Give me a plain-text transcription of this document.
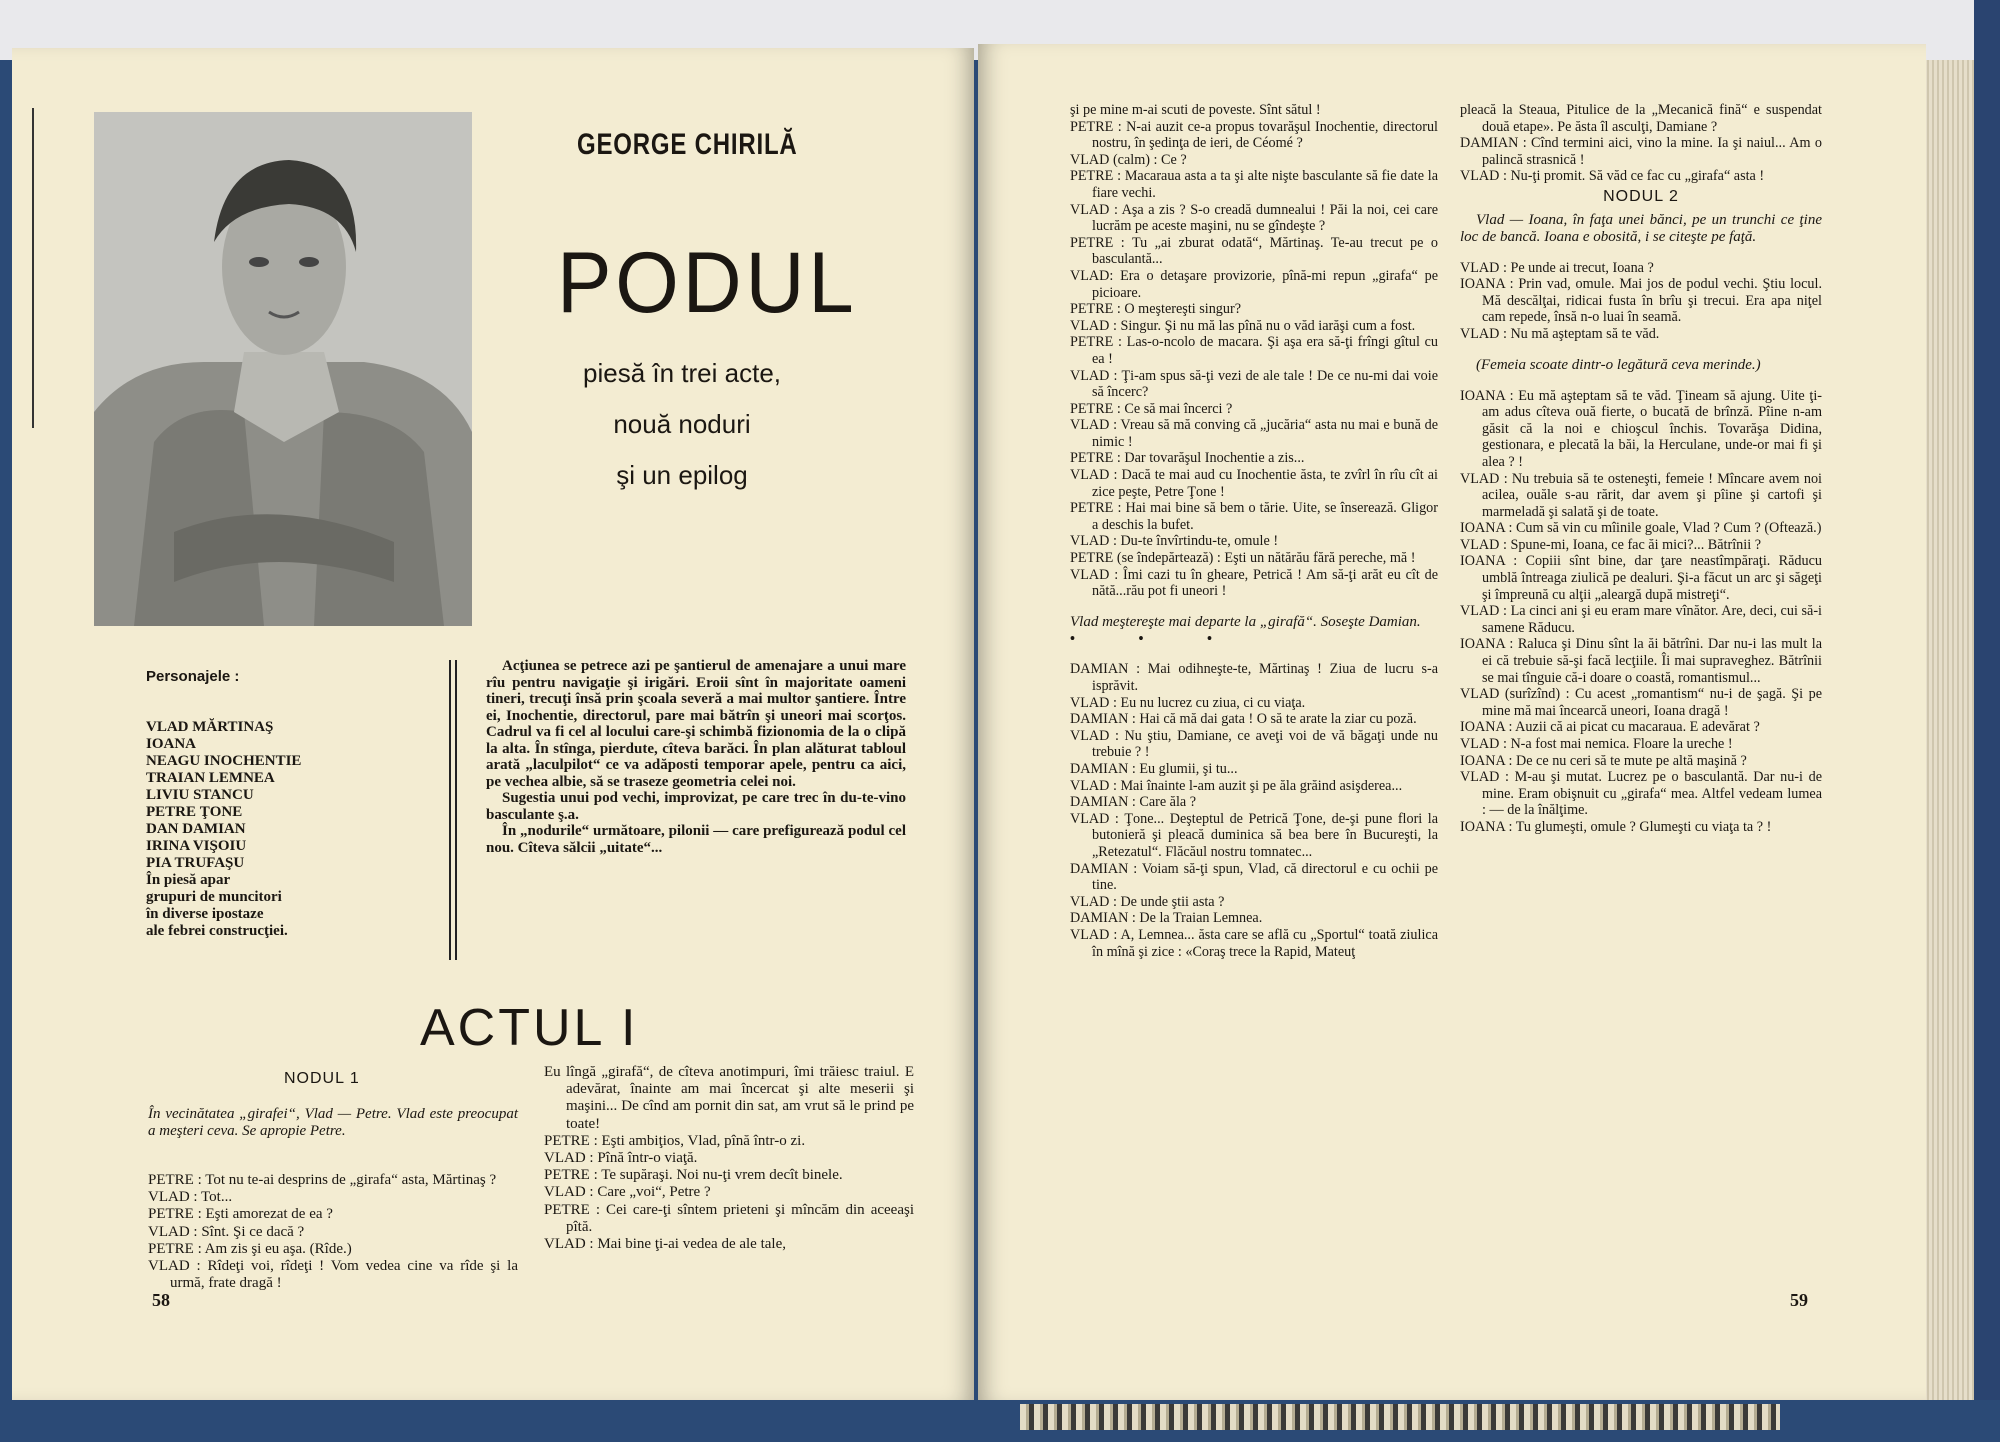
GEORGE CHIRILĂ
PODUL
piesă în trei acte,
nouă noduri
şi un epilog
Personajele :
VLAD MĂRTINAŞ
IOANA
NEAGU INOCHENTIE
TRAIAN LEMNEA
LIVIU STANCU
PETRE ŢONE
DAN DAMIAN
IRINA VIŞOIU
PIA TRUFAŞU
În piesă apar
grupuri de muncitori
în diverse ipostaze
ale febrei construcţiei.

Acţiunea se petrece azi pe şantierul de amenajare a unui mare rîu pentru navigaţie şi irigări. Eroii sînt în majoritate oameni tineri, trecuţi însă prin şcoala severă a mai multor şantiere. Între ei, Inochentie, directorul, pare mai bătrîn şi uneori mai scorţos. Cadrul va fi cel al locului care-şi schimbă fizionomia de la o clipă la alta. În stînga, pierdute, cîteva barăci. În plan alăturat tabloul arată „laculpilot“ ce va adăposti temporar apele, pentru ca aici, pe vechea albie, să se traseze geometria celei noi.

Sugestia unui pod vechi, improvizat, pe care trec în du-te-vino basculante ş.a.

În „nodurile“ următoare, pilonii — care prefigurează podul cel nou. Cîteva sălcii „uitate“...

ACTUL I
NODUL 1
În vecinătatea „girafei“, Vlad — Petre. Vlad este preocupat a meşteri ceva. Se apropie Petre.

PETRE : Tot nu te-ai desprins de „girafa“ asta, Mărtinaş ?

VLAD : Tot...

PETRE : Eşti amorezat de ea ?

VLAD : Sînt. Şi ce dacă ?

PETRE : Am zis şi eu aşa. (Rîde.)

VLAD : Rîdeţi voi, rîdeţi ! Vom vedea cine va rîde şi la urmă, frate dragă !

Eu lîngă „girafă“, de cîteva anotimpuri, îmi trăiesc traiul. E adevărat, înainte am mai încercat şi alte meserii şi maşini... De cînd am pornit din sat, am vrut să le prind pe toate!

PETRE : Eşti ambiţios, Vlad, pînă într-o zi.

VLAD : Pînă într-o viaţă.

PETRE : Te supăraşi. Noi nu-ţi vrem decît binele.

VLAD : Care „voi“, Petre ?

PETRE : Cei care-ţi sîntem prieteni şi mîncăm din aceeaşi pîtă.

VLAD : Mai bine ţi-ai vedea de ale tale,

58

şi pe mine m-ai scuti de poveste. Sînt sătul !

PETRE : N-ai auzit ce-a propus tovarăşul Inochentie, directorul nostru, în şedinţa de ieri, de Céomé ?

VLAD (calm) : Ce ?

PETRE : Macaraua asta a ta şi alte nişte basculante să fie date la fiare vechi.

VLAD : Aşa a zis ? S-o creadă dumnealui ! Păi la noi, cei care lucrăm pe aceste maşini, nu se gîndeşte ?

PETRE : Tu „ai zburat odată“, Mărtinaş. Te-au trecut pe o basculantă...

VLAD: Era o detaşare provizorie, pînă-mi repun „girafa“ pe picioare.

PETRE : O meştereşti singur?

VLAD : Singur. Şi nu mă las pînă nu o văd iarăşi cum a fost.

PETRE : Las-o-ncolo de macara. Şi aşa era să-ţi frîngi gîtul cu ea !

VLAD : Ţi-am spus să-ţi vezi de ale tale ! De ce nu-mi dai voie să încerc?

PETRE : Ce să mai încerci ?

VLAD : Vreau să mă conving că „jucăria“ asta nu mai e bună de nimic !

PETRE : Dar tovarăşul Inochentie a zis...

VLAD : Dacă te mai aud cu Inochentie ăsta, te zvîrl în rîu cît ai zice peşte, Petre Ţone !

PETRE : Hai mai bine să bem o tărie. Uite, se înserează. Gligor a deschis la bufet.

VLAD : Du-te învîrtindu-te, omule !

PETRE (se îndepărtează) : Eşti un nătărău fără pereche, mă !

VLAD : Îmi cazi tu în gheare, Petrică ! Am să-ţi arăt eu cît de nătă...rău pot fi uneori !

Vlad meştereşte mai departe la „girafă“. Soseşte Damian.

• • •

DAMIAN : Mai odihneşte-te, Mărtinaş ! Ziua de lucru s-a isprăvit.

VLAD : Eu nu lucrez cu ziua, ci cu viaţa.

DAMIAN : Hai că mă dai gata ! O să te arate la ziar cu poză.

VLAD : Nu ştiu, Damiane, ce aveţi voi de vă băgaţi unde nu trebuie ? !

DAMIAN : Eu glumii, şi tu...

VLAD : Mai înainte l-am auzit şi pe ăla grăind asişderea...

DAMIAN : Care ăla ?

VLAD : Ţone... Deşteptul de Petrică Ţone, de-şi pune flori la butonieră şi pleacă duminica să bea bere în Bucureşti, la „Retezatul“. Flăcăul nostru tomnatec...

DAMIAN : Voiam să-ţi spun, Vlad, că directorul e cu ochii pe tine.

VLAD : De unde ştii asta ?

DAMIAN : De la Traian Lemnea.

VLAD : A, Lemnea... ăsta care se află cu „Sportul“ toată ziulica în mînă şi zice : «Coraş trece la Rapid, Mateuţ

pleacă la Steaua, Pitulice de la „Mecanică fină“ e suspendat două etape». Pe ăsta îl asculţi, Damiane ?

DAMIAN : Cînd termini aici, vino la mine. Ia şi naiul... Am o palincă strasnică !

VLAD : Nu-ţi promit. Să văd ce fac cu „girafa“ asta !

NODUL 2

Vlad — Ioana, în faţa unei bănci, pe un trunchi ce ţine loc de bancă. Ioana e obosită, i se citeşte pe faţă.

VLAD : Pe unde ai trecut, Ioana ?

IOANA : Prin vad, omule. Mai jos de podul vechi. Ştiu locul. Mă descălţai, ridicai fusta în brîu şi trecui. Era apa niţel cam repede, însă n-o luai în seamă.

VLAD : Nu mă aşteptam să te văd.

(Femeia scoate dintr-o legătură ceva merinde.)

IOANA : Eu mă aşteptam să te văd. Ţineam să ajung. Uite ţi-am adus cîteva ouă fierte, o bucată de brînză. Pîine n-am găsit că la noi e chioşcul închis. Tovarăşa Didina, gestionara, e plecată la băi, la Herculane, unde-or mai fi şi alea ? !

VLAD : Nu trebuia să te osteneşti, femeie ! Mîncare avem noi acilea, ouăle s-au rărit, dar avem şi pîine şi cartofi şi marmeladă şi salată şi de toate.

IOANA : Cum să vin cu mîinile goale, Vlad ? Cum ? (Oftează.)

VLAD : Spune-mi, Ioana, ce fac ăi mici?... Bătrînii ?

IOANA : Copiii sînt bine, dar ţare neastîmpăraţi. Răducu umblă întreaga ziulică pe dealuri. Şi-a făcut un arc şi săgeţi şi împreună cu alţii „aleargă după mistreţi“.

VLAD : La cinci ani şi eu eram mare vînător. Are, deci, cui să-i samene Răducu.

IOANA : Raluca şi Dinu sînt la ăi bătrîni. Dar nu-i las mult la ei că trebuie să-şi facă lecţiile. Îi mai supraveghez. Bătrînii se mai tînguie că-i doare o coastă, romantismul...

VLAD (surîzînd) : Cu acest „romantism“ nu-i de şagă. Şi pe mine mă mai încearcă uneori, Ioana dragă !

IOANA : Auzii că ai picat cu macaraua. E adevărat ?

VLAD : N-a fost mai nemica. Floare la ureche !

IOANA : De ce nu ceri să te mute pe altă maşină ?

VLAD : M-au şi mutat. Lucrez pe o basculantă. Dar nu-i de mine. Eram obişnuit cu „girafa“ mea. Altfel vedeam lumea : — de la înălţime.

IOANA : Tu glumeşti, omule ? Glumeşti cu viaţa ta ? !

59
